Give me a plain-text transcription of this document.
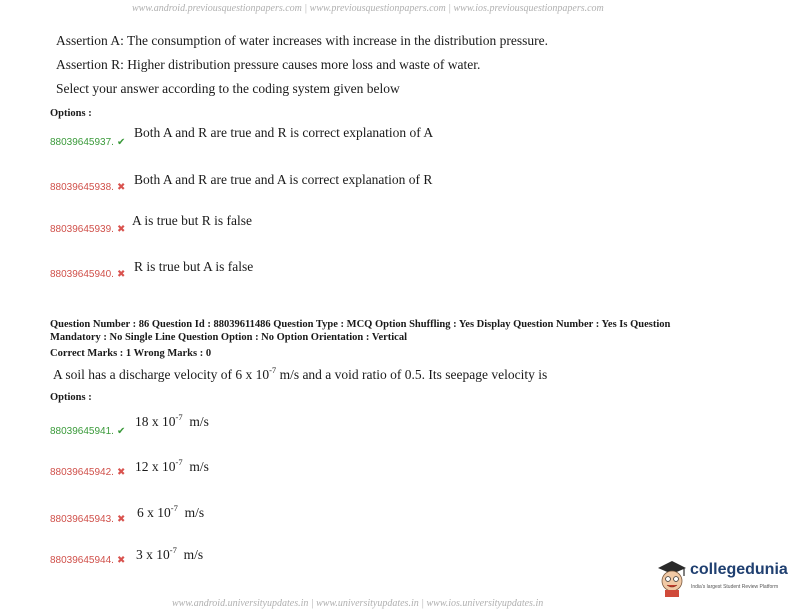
www.android.previousquestionpapers.com | www.previousquestionpapers.com | www.ios.previousquestionpapers.com
Assertion A: The consumption of water increases with increase in the distribution pressure.
Assertion R: Higher distribution pressure causes more loss and waste of water.
Select your answer according to the coding system given below
Options :
Both A and R are true and R is correct explanation of A
88039645937. ✔
Both A and R are true and A is correct explanation of R
88039645938. ✖
A is true but R is false
88039645939. ✖
R is true but A is false
88039645940. ✖
Question Number : 86 Question Id : 88039611486 Question Type : MCQ Option Shuffling : Yes Display Question Number : Yes Is Question
Mandatory : No Single Line Question Option : No Option Orientation : Vertical
Correct Marks : 1 Wrong Marks : 0
A soil has a discharge velocity of 6 x $10^{-7}$ m/s and a void ratio of 0.5. Its seepage velocity is
Options :
18 x $10^{-7}$ m/s
88039645941. ✔
12 x $10^{-7}$ m/s
88039645942. ✖
6 x $10^{-7}$ m/s
88039645943. ✖
3 x $10^{-7}$ m/s
88039645944. ✖
collegedunia
India's largest Student Review Platform
www.android.universityupdates.in | www.universityupdates.in | www.ios.universityupdates.in
